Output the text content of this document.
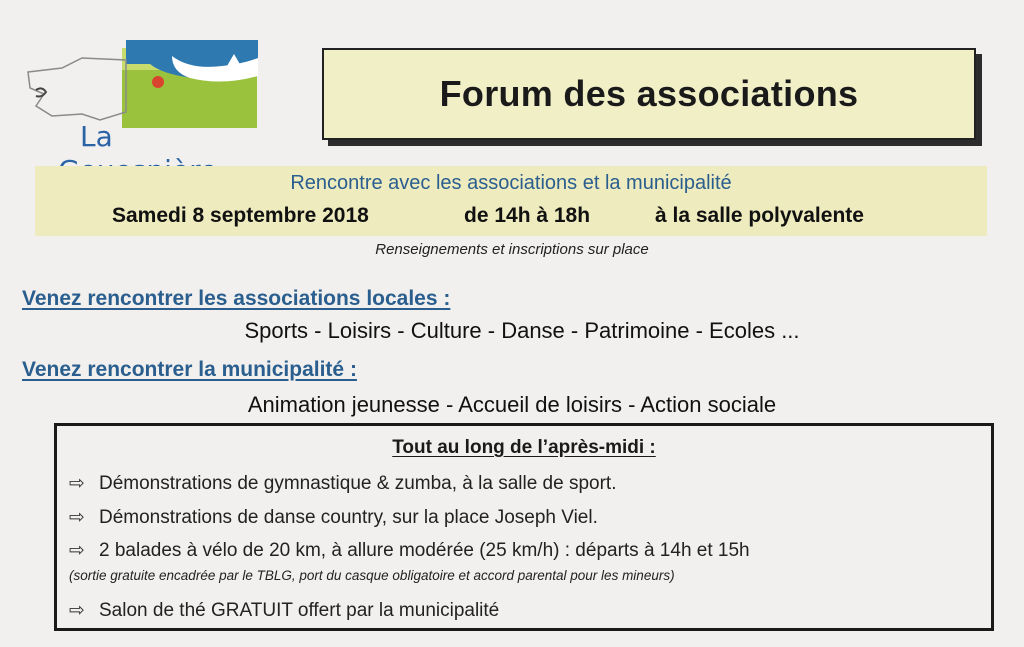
La
Forum des associations
Rencontre avec les associations et la municipalité
Samedi 8 septembre 2018	de 14h à 18h	à la salle polyvalente
Renseignements et inscriptions sur place
Venez rencontrer les associations locales :
Sports - Loisirs - Culture - Danse - Patrimoine - Ecoles ...
Venez rencontrer la municipalité :
Animation jeunesse - Accueil de loisirs - Action sociale
Tout au long de l’après-midi :
⇨ Démonstrations de gymnastique & zumba, à la salle de sport.
⇨ Démonstrations de danse country, sur la place Joseph Viel.
⇨ 2 balades à vélo de 20 km, à allure modérée (25 km/h) : départs à 14h et 15h
(sortie gratuite encadrée par le TBLG, port du casque obligatoire et accord parental pour les mineurs)
⇨ Salon de thé GRATUIT offert par la municipalité
